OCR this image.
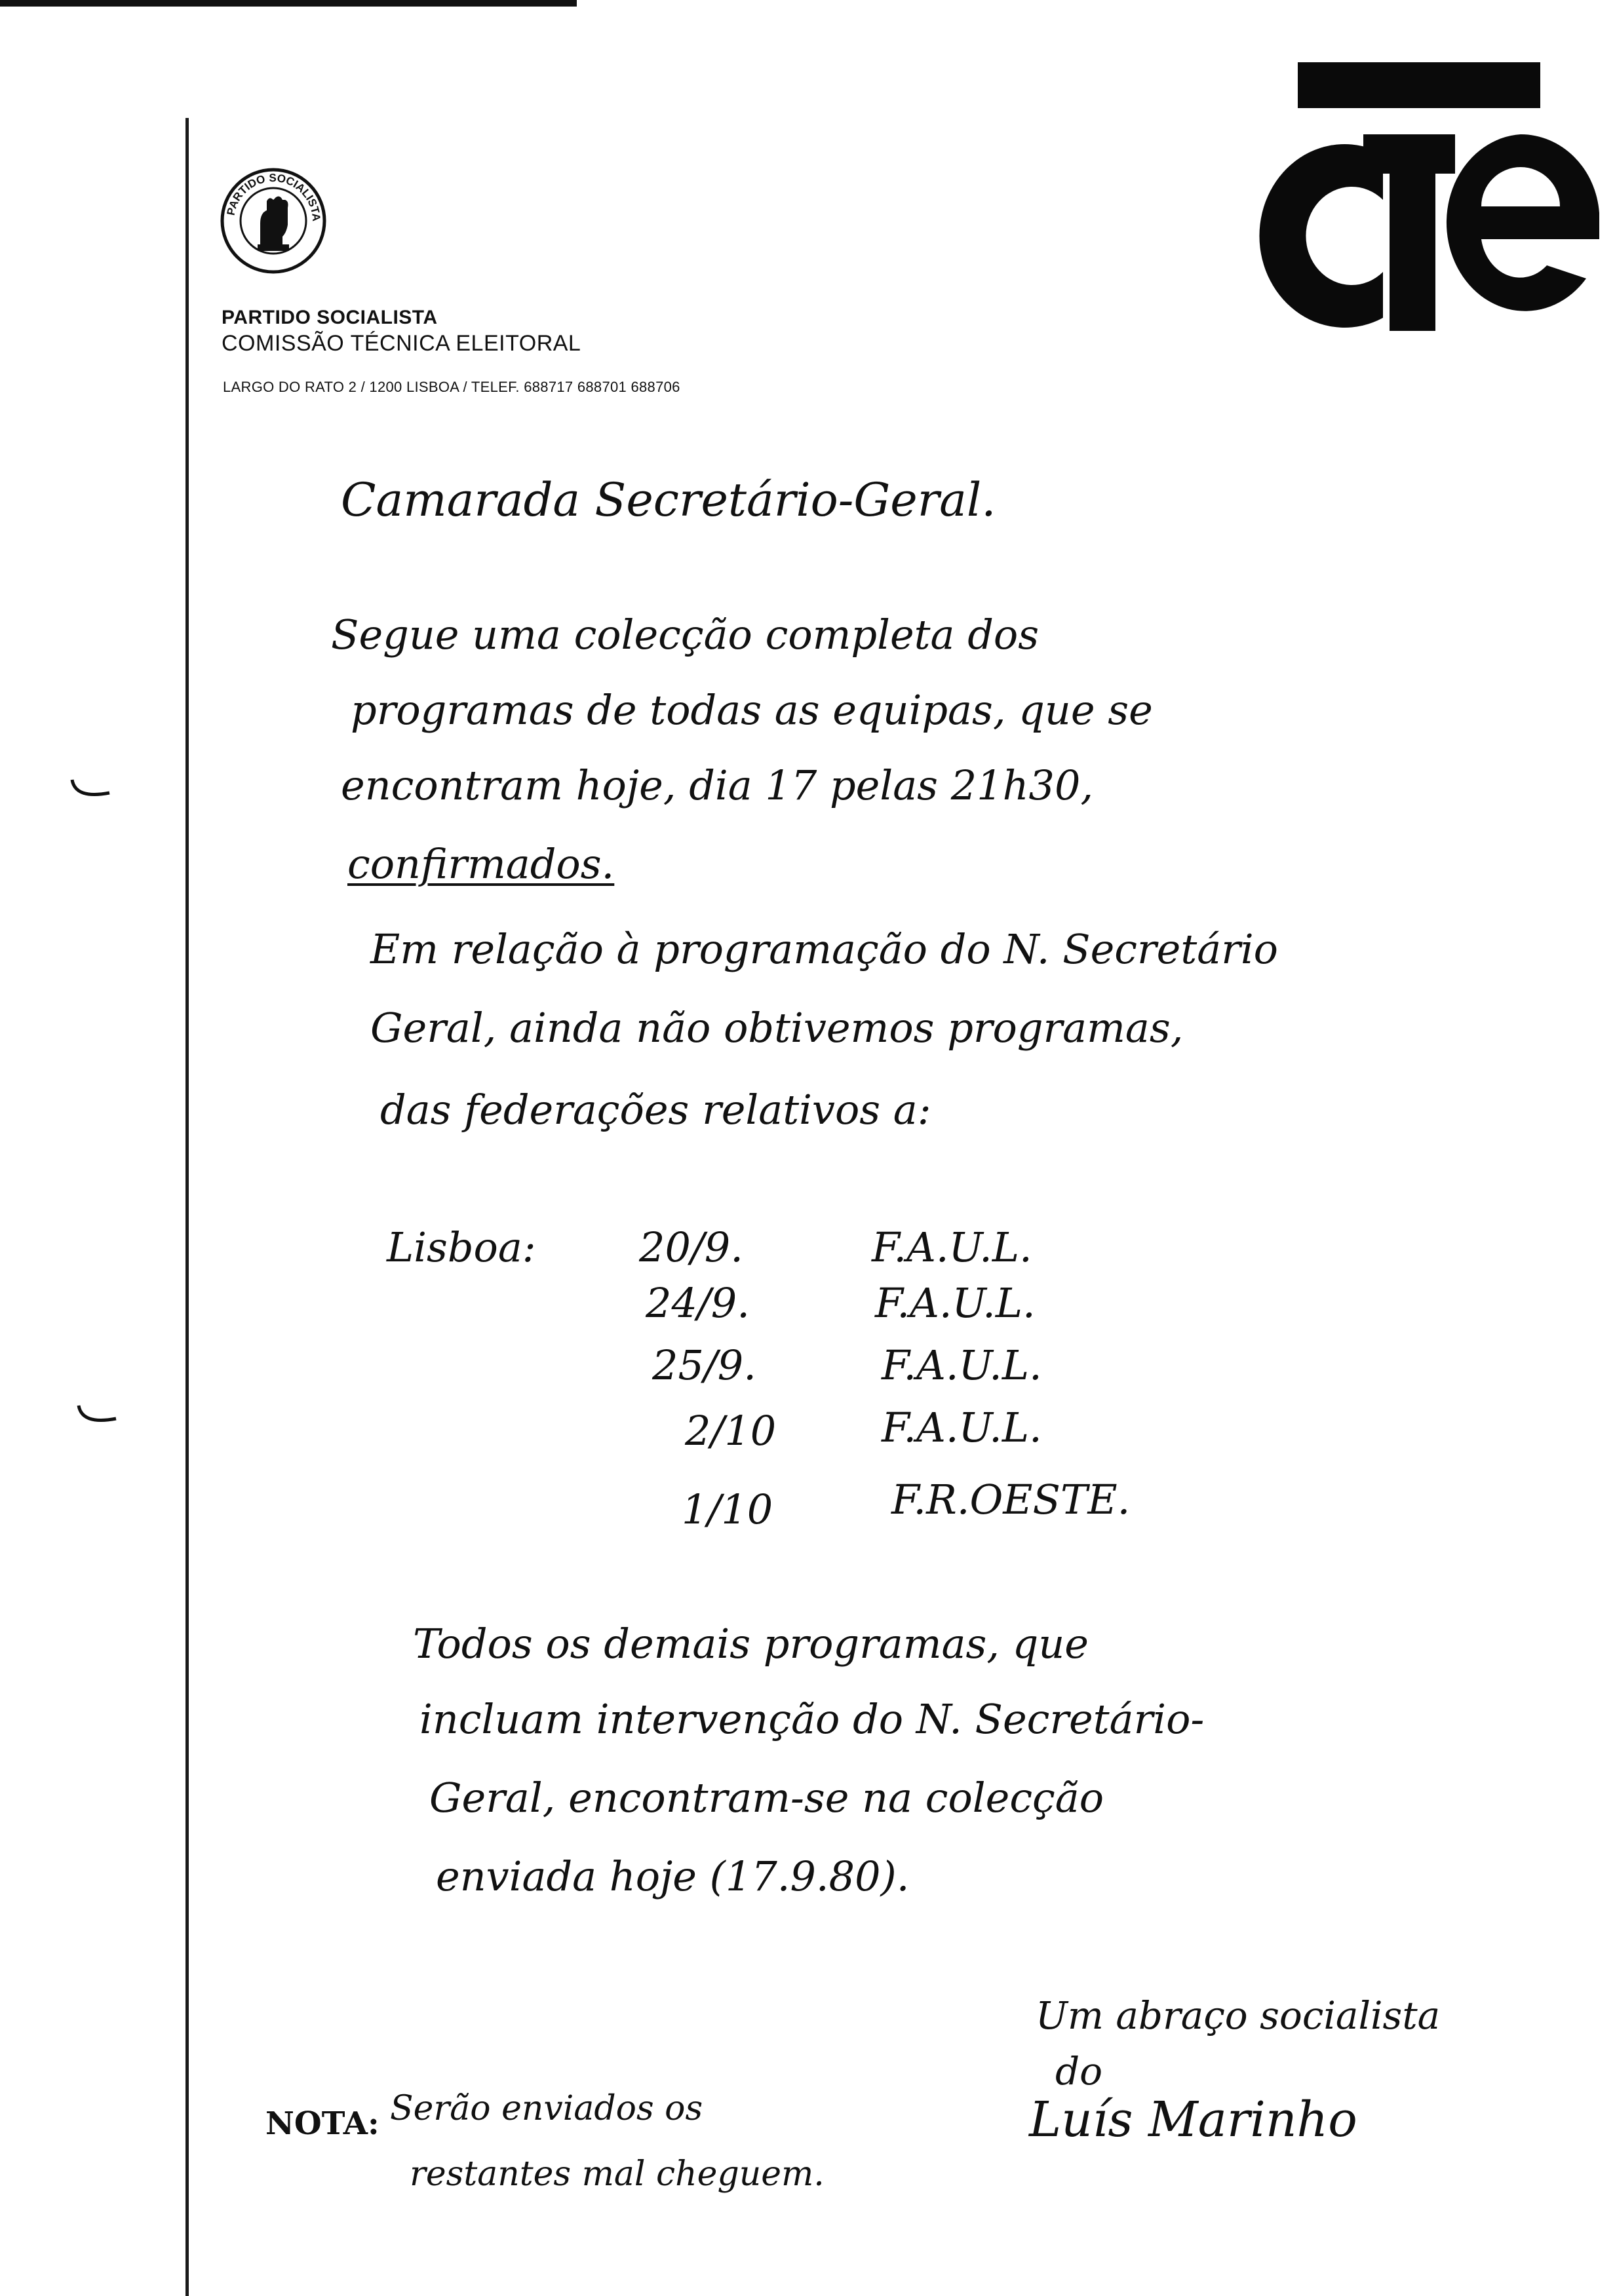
PARTIDO SOCIALISTA
PARTIDO SOCIALISTA
COMISSÃO TÉCNICA ELEITORAL
LARGO DO RATO 2 / 1200 LISBOA / TELEF. 688717 688701 688706
Camarada Secretário-Geral.
Segue uma colecção completa dos
programas de todas as equipas, que se
encontram hoje, dia 17 pelas 21h30,
confirmados.
Em relação à programação do N. Secretário
Geral, ainda não obtivemos programas,
das federações relativos a:
Lisboa:	20/9.	F.A.U.L.
24/9.	F.A.U.L.
25/9.	F.A.U.L.
2/10	F.A.U.L.
1/10	F.R.OESTE.
Todos os demais programas, que
incluam intervenção do N. Secretário-
Geral, encontram-se na colecção
enviada hoje (17.9.80).
Um abraço socialista
do
Luís Marinho
NOTA: Serão enviados os
restantes mal cheguem.
